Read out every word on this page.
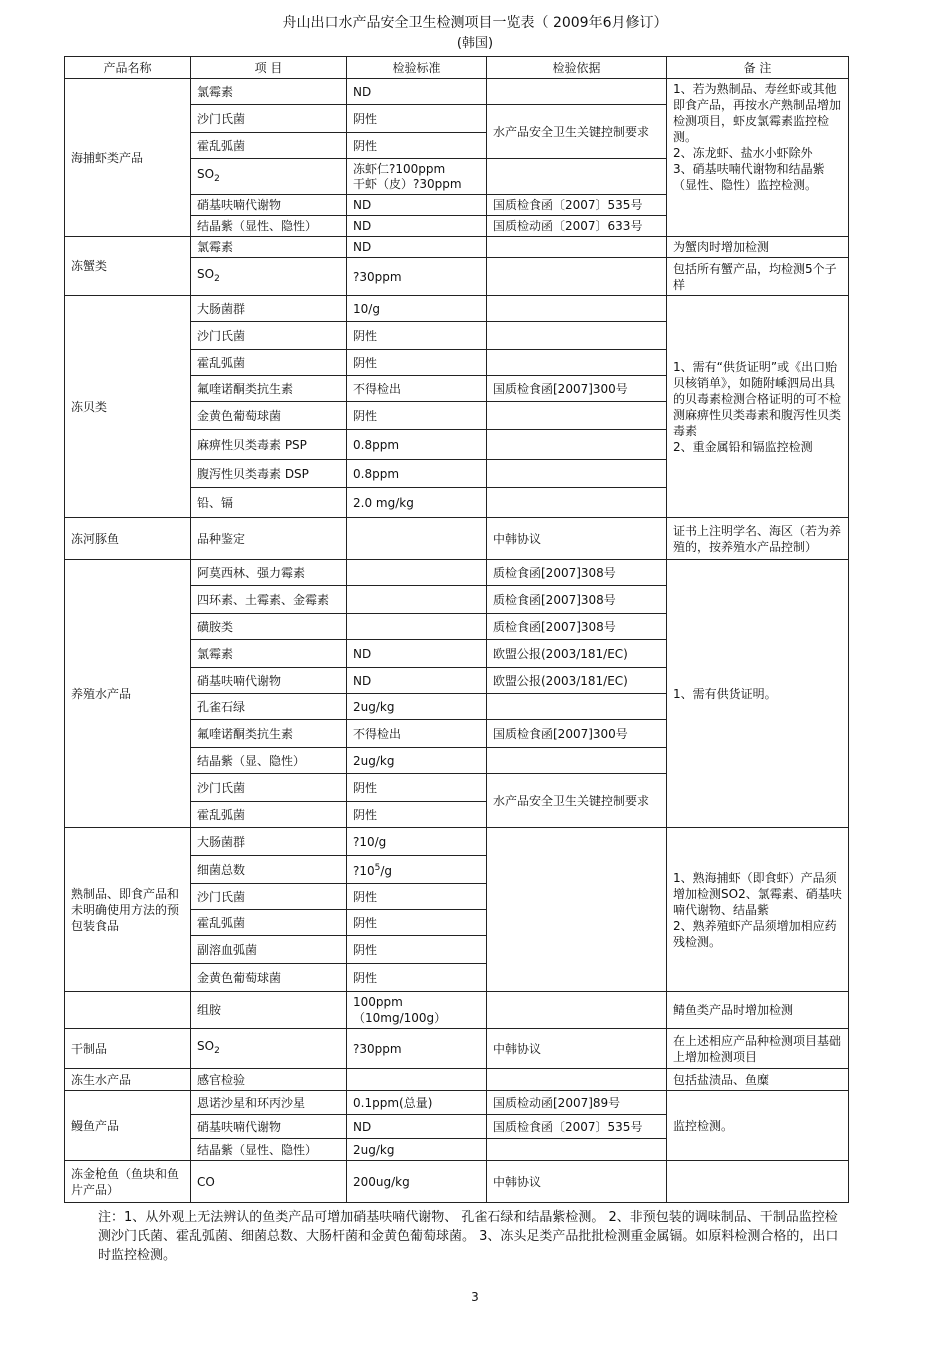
舟山出口水产品安全卫生检测项目一览表（ 2009年6月修订）
(韩国)
产品名称	项 目	检验标准	检验依据	备 注
海捕虾类产品	氯霉素	ND		1、若为熟制品、寿丝虾或其他即食产品，再按水产熟制品增加检测项目，虾皮氯霉素监控检测。
2、冻龙虾、盐水小虾除外
3、硝基呋喃代谢物和结晶紫（显性、隐性）监控检测。
	沙门氏菌	阴性	水产品安全卫生关键控制要求	
	霍乱弧菌	阴性		
	$SO_2$	冻虾仁?100ppm
干虾（皮）?30ppm		
	硝基呋喃代谢物	ND	国质检食函〔2007〕535号	
	结晶紫（显性、隐性）	ND	国质检动函〔2007〕633号	
冻蟹类	氯霉素	ND		为蟹肉时增加检测
	$SO_2$	?30ppm		包括所有蟹产品，均检测5个子样
冻贝类	大肠菌群	10/g		1、需有“供货证明”或《出口贻贝核销单》，如随附嵊泗局出具的贝毒素检测合格证明的可不检测麻痹性贝类毒素和腹泻性贝类毒素
2、重金属铅和镉监控检测
	沙门氏菌	阴性		
	霍乱弧菌	阴性		
	氟喹诺酮类抗生素	不得检出	国质检食函[2007]300号	
	金黄色葡萄球菌	阴性		
	麻痹性贝类毒素 PSP	0.8ppm		
	腹泻性贝类毒素 DSP	0.8ppm		
	铅、镉	2.0 mg/kg		
冻河豚鱼	品种鉴定		中韩协议	证书上注明学名、海区（若为养殖的，按养殖水产品控制）
养殖水产品	阿莫西林、强力霉素		质检食函[2007]308号	1、需有供货证明。
	四环素、土霉素、金霉素		质检食函[2007]308号	
	磺胺类		质检食函[2007]308号	
	氯霉素	ND	欧盟公报(2003/181/EC)	
	硝基呋喃代谢物	ND	欧盟公报(2003/181/EC)	
	孔雀石绿	2ug/kg		
	氟喹诺酮类抗生素	不得检出	国质检食函[2007]300号	
	结晶紫（显、隐性）	2ug/kg		
	沙门氏菌	阴性	水产品安全卫生关键控制要求	
	霍乱弧菌	阴性		
熟制品、即食产品和未明确使用方法的预包装食品	大肠菌群	?10/g		1、熟海捕虾（即食虾）产品须增加检测SO2、氯霉素、硝基呋喃代谢物、结晶紫
2、熟养殖虾产品须增加相应药残检测。
	细菌总数	$?10^5/g$		
	沙门氏菌	阴性		
	霍乱弧菌	阴性		
	副溶血弧菌	阴性		
	金黄色葡萄球菌	阴性		
	组胺	100ppm（10mg/100g）		鲭鱼类产品时增加检测
干制品	$SO_2$	?30ppm	中韩协议	在上述相应产品种检测项目基础上增加检测项目
冻生水产品	感官检验			包括盐渍品、鱼糜
鳗鱼产品	恩诺沙星和环丙沙星	0.1ppm(总量)	国质检动函[2007]89号	监控检测。
	硝基呋喃代谢物	ND	国质检食函〔2007〕535号	
	结晶紫（显性、隐性）	2ug/kg		
冻金枪鱼（鱼块和鱼片产品）	CO	200ug/kg	中韩协议	
注：1、从外观上无法辨认的鱼类产品可增加硝基呋喃代谢物、 孔雀石绿和结晶紫检测。 2、非预包装的调味制品、干制品监控检测沙门氏菌、霍乱弧菌、细菌总数、大肠杆菌和金黄色葡萄球菌。 3、冻头足类产品批批检测重金属镉。如原料检测合格的，出口时监控检测。
3
